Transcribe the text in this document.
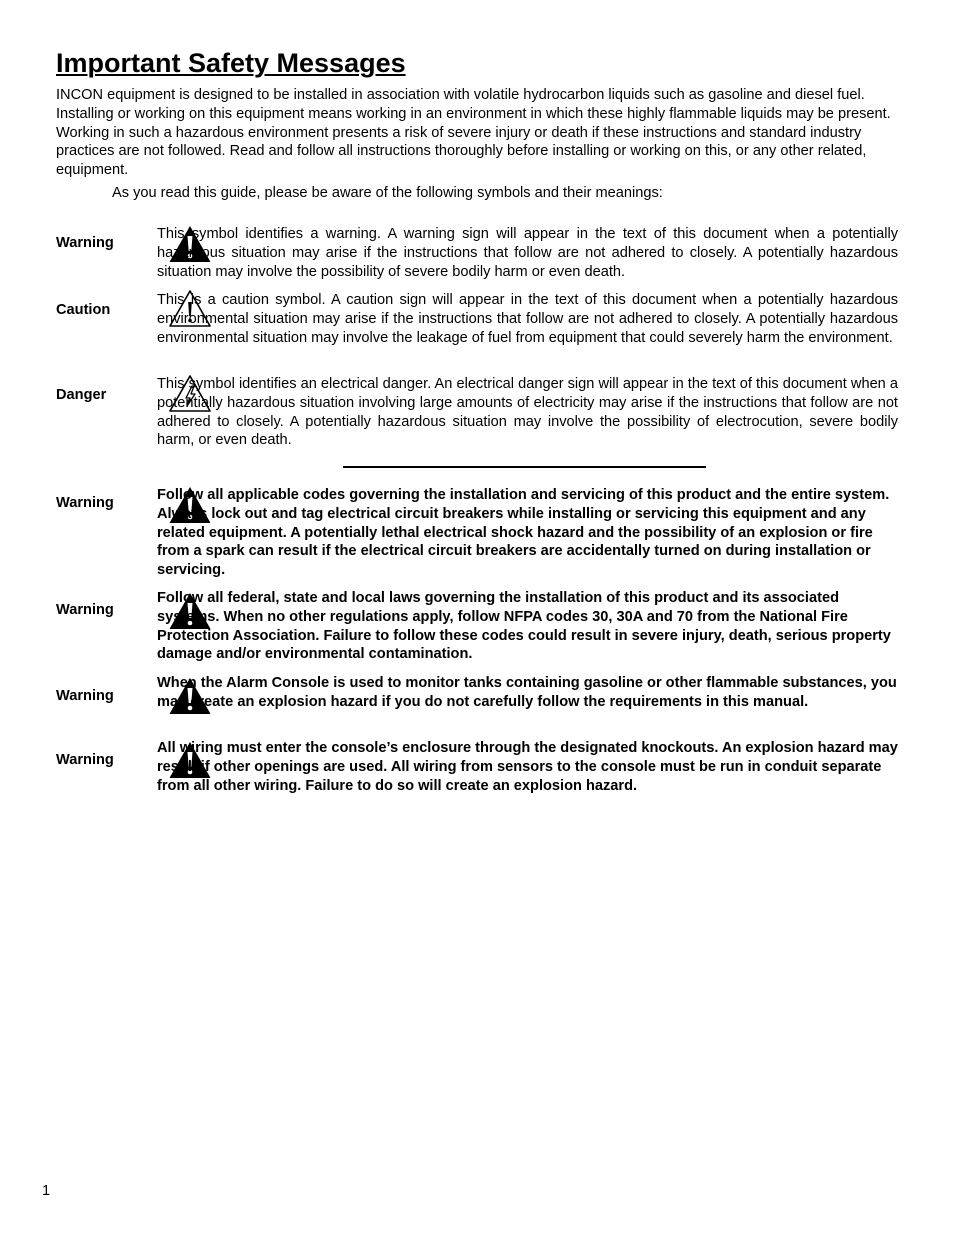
Important Safety Messages

INCON equipment is designed to be installed in association with volatile hydrocarbon liquids such as gasoline and diesel fuel. Installing or working on this equipment means working in an environment in which these highly flammable liquids may be present. Working in such a hazardous environment presents a risk of severe injury or death if these instructions and standard industry practices are not followed. Read and follow all instructions thoroughly before installing or working on this, or any other related, equipment.

As you read this guide, please be aware of the following symbols and their meanings:

Warning

This symbol identifies a warning. A warning sign will appear in the text of this document when a potentially hazardous situation may arise if the instructions that follow are not adhered to closely. A potentially hazardous situation may involve the possibility of severe bodily harm or even death.

Caution

This is a caution symbol. A caution sign will appear in the text of this document when a potentially hazardous environmental situation may arise if the instructions that follow are not adhered to closely. A potentially hazardous environmental situation may involve the leakage of fuel from equipment that could severely harm the environment.

Danger

This symbol identifies an electrical danger. An electrical danger sign will appear in the text of this document when a potentially hazardous situation involving large amounts of electricity may arise if the instructions that follow are not adhered to closely. A potentially hazardous situation may involve the possibility of electrocution, severe bodily harm, or even death.

Warning	Follow all applicable codes governing the installation and servicing of this product and the entire system. Always lock out and tag electrical circuit breakers while installing or servicing this equipment and any related equipment. A potentially lethal electrical shock hazard and the possibility of an explosion or fire from a spark can result if the electrical circuit breakers are accidentally turned on during installation or servicing.

Warning

Follow all federal, state and local laws governing the installation of this product and its associated systems. When no other regulations apply, follow NFPA codes 30, 30A and 70 from the National Fire Protection Association. Failure to follow these codes could result in severe injury, death, serious property damage and/or environmental contamination.

Warning

When the Alarm Console is used to monitor tanks containing gasoline or other flammable substances, you may create an explosion hazard if you do not carefully follow the requirements in this manual.

Warning

All wiring must enter the console’s enclosure through the designated knockouts. An explosion hazard may result if other openings are used. All wiring from sensors to the console must be run in conduit separate from all other wiring. Failure to do so will create an explosion hazard.

1
